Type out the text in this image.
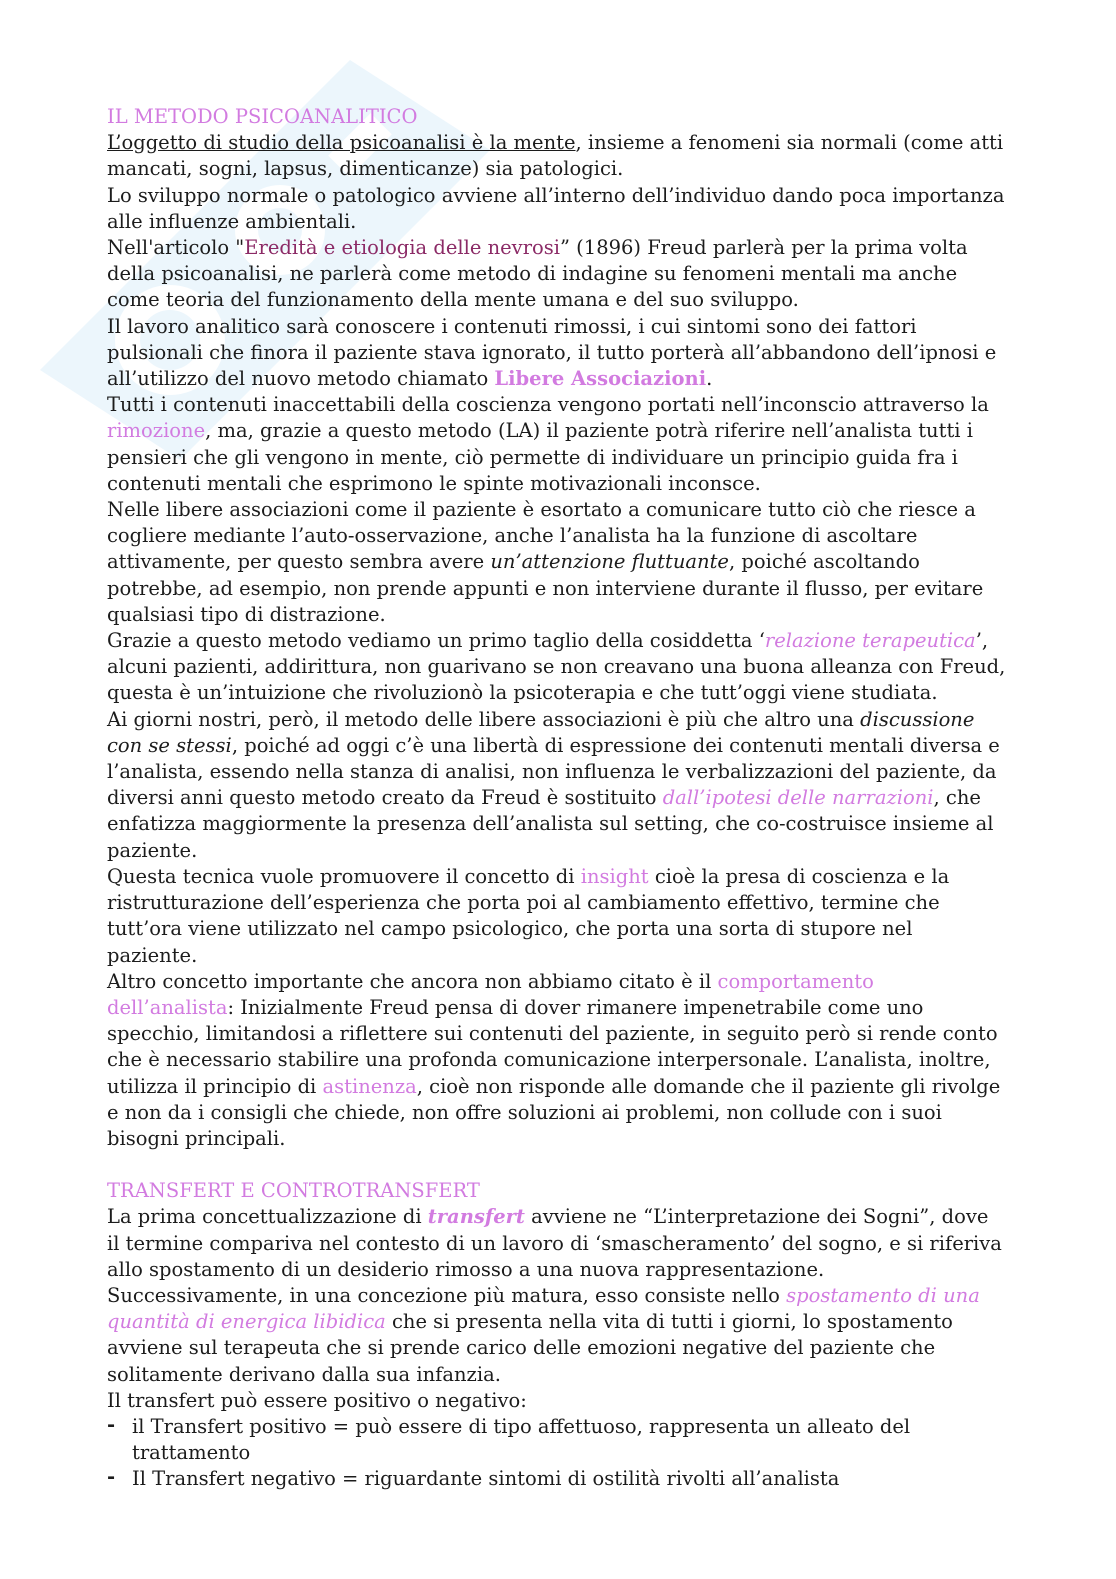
IL METODO PSICOANALITICO

L’oggetto di studio della psicoanalisi è la mente, insieme a fenomeni sia normali (come atti mancati, sogni, lapsus, dimenticanze) sia patologici.

Lo sviluppo normale o patologico avviene all’interno dell’individuo dando poca importanza alle influenze ambientali.

Nell'articolo "Eredità e etiologia delle nevrosi” (1896) Freud parlerà per la prima volta della psicoanalisi, ne parlerà come metodo di indagine su fenomeni mentali ma anche come teoria del funzionamento della mente umana e del suo sviluppo.

Il lavoro analitico sarà conoscere i contenuti rimossi, i cui sintomi sono dei fattori pulsionali che finora il paziente stava ignorato, il tutto porterà all’abbandono dell’ipnosi e all’utilizzo del nuovo metodo chiamato Libere Associazioni.

Tutti i contenuti inaccettabili della coscienza vengono portati nell’inconscio attraverso la rimozione, ma, grazie a questo metodo (LA) il paziente potrà riferire nell’analista tutti i pensieri che gli vengono in mente, ciò permette di individuare un principio guida fra i contenuti mentali che esprimono le spinte motivazionali inconsce.

Nelle libere associazioni come il paziente è esortato a comunicare tutto ciò che riesce a cogliere mediante l’auto-osservazione, anche l’analista ha la funzione di ascoltare attivamente, per questo sembra avere un’attenzione fluttuante, poiché ascoltando potrebbe, ad esempio, non prende appunti e non interviene durante il flusso, per evitare qualsiasi tipo di distrazione.

Grazie a questo metodo vediamo un primo taglio della cosiddetta ‘relazione terapeutica’, alcuni pazienti, addirittura, non guarivano se non creavano una buona alleanza con Freud, questa è un’intuizione che rivoluzionò la psicoterapia e che tutt’oggi viene studiata.

Ai giorni nostri, però, il metodo delle libere associazioni è più che altro una discussione con se stessi, poiché ad oggi c’è una libertà di espressione dei contenuti mentali diversa e l’analista, essendo nella stanza di analisi, non influenza le verbalizzazioni del paziente, da diversi anni questo metodo creato da Freud è sostituito dall’ipotesi delle narrazioni, che enfatizza maggiormente la presenza dell’analista sul setting, che co-costruisce insieme al paziente.

Questa tecnica vuole promuovere il concetto di insight cioè la presa di coscienza e la ristrutturazione dell’esperienza che porta poi al cambiamento effettivo, termine che tutt’ora viene utilizzato nel campo psicologico, che porta una sorta di stupore nel paziente.

Altro concetto importante che ancora non abbiamo citato è il comportamento dell’analista: Inizialmente Freud pensa di dover rimanere impenetrabile come uno specchio, limitandosi a riflettere sui contenuti del paziente, in seguito però si rende conto che è necessario stabilire una profonda comunicazione interpersonale. L’analista, inoltre, utilizza il principio di astinenza, cioè non risponde alle domande che il paziente gli rivolge e non da i consigli che chiede, non offre soluzioni ai problemi, non collude con i suoi bisogni principali.

TRANSFERT E CONTROTRANSFERT

La prima concettualizzazione di transfert avviene ne “L’interpretazione dei Sogni”, dove il termine compariva nel contesto di un lavoro di ‘smascheramento’ del sogno, e si riferiva allo spostamento di un desiderio rimosso a una nuova rappresentazione.

Successivamente, in una concezione più matura, esso consiste nello spostamento di una quantità di energica libidica che si presenta nella vita di tutti i giorni, lo spostamento avviene sul terapeuta che si prende carico delle emozioni negative del paziente che solitamente derivano dalla sua infanzia.

Il transfert può essere positivo o negativo:

- il Transfert positivo = può essere di tipo affettuoso, rappresenta un alleato del trattamento
- Il Transfert negativo = riguardante sintomi di ostilità rivolti all’analista
